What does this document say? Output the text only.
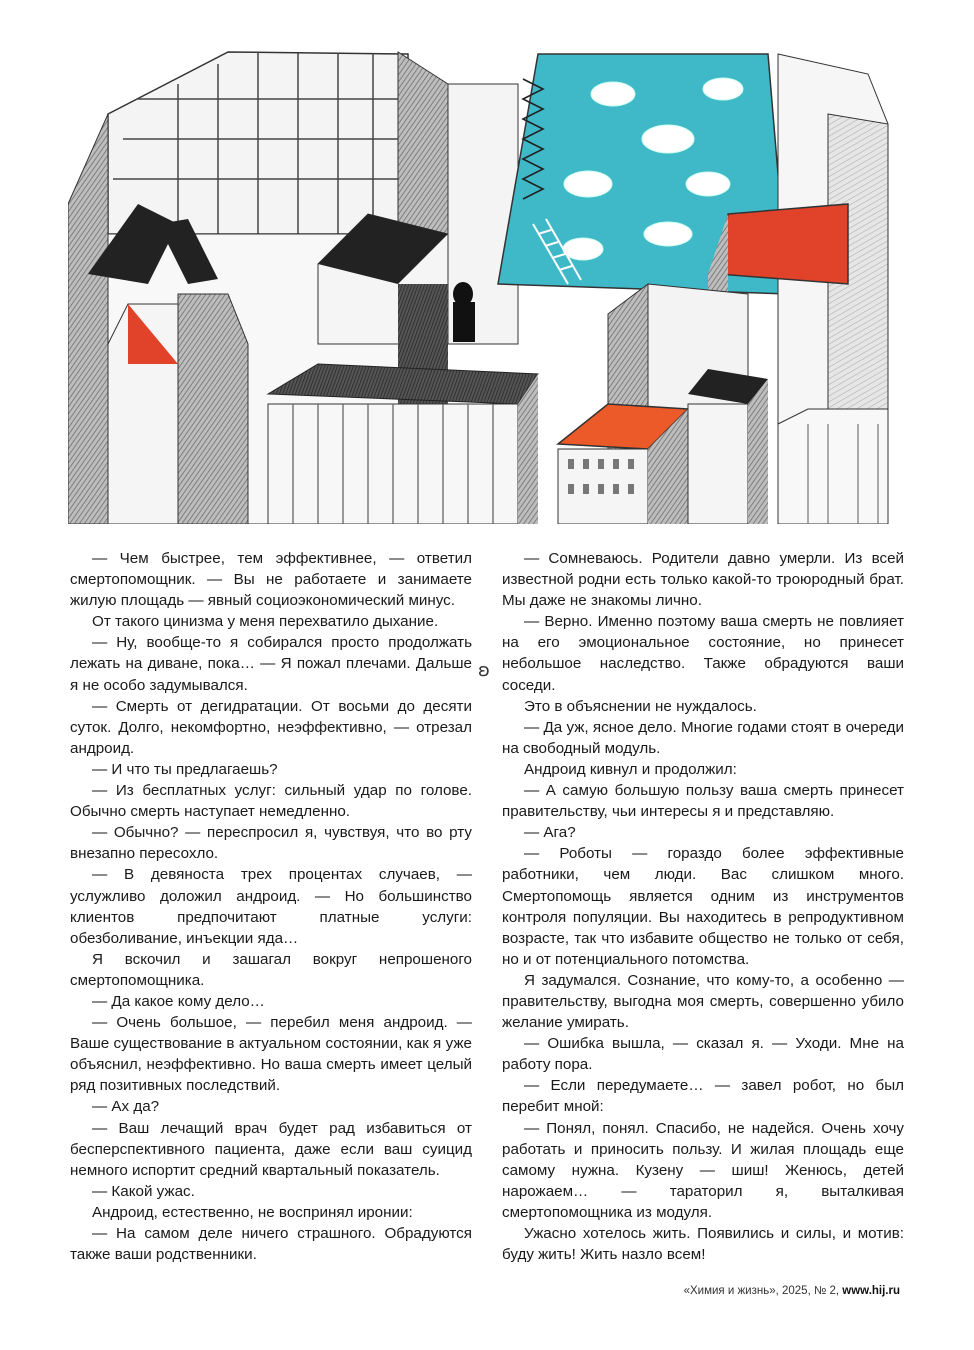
— Чем быстрее, тем эффективнее, — ответил смертопомощник. — Вы не работаете и занимаете жилую площадь — явный социоэкономический минус.

От такого цинизма у меня перехватило дыхание.

— Ну, вообще-то я собирался просто продолжать лежать на диване, пока… — Я пожал плечами. Дальше я не особо задумывался.

— Смерть от дегидратации. От восьми до десяти суток. Долго, некомфортно, неэффективно, — отрезал андроид.

— И что ты предлагаешь?

— Из бесплатных услуг: сильный удар по голове. Обычно смерть наступает немедленно.

— Обычно? — переспросил я, чувствуя, что во рту внезапно пересохло.

— В девяноста трех процентах случаев, — услужливо доложил андроид. — Но большинство клиентов предпочитают платные услуги: обезболивание, инъекции яда…

Я вскочил и зашагал вокруг непрошеного смертопомощника.

— Да какое кому дело…

— Очень большое, — перебил меня андроид. — Ваше существование в актуальном состоянии, как я уже объяснил, неэффективно. Но ваша смерть имеет целый ряд позитивных последствий.

— Ах да?

— Ваш лечащий врач будет рад избавиться от бесперспективного пациента, даже если ваш суицид немного испортит средний квартальный показатель.

— Какой ужас.

Андроид, естественно, не воспринял иронии:

— На самом деле ничего страшного. Обрадуются также ваши родственники.

ʚ

— Сомневаюсь. Родители давно умерли. Из всей известной родни есть только какой-то троюродный брат. Мы даже не знакомы лично.

— Верно. Именно поэтому ваша смерть не повлияет на его эмоциональное состояние, но принесет небольшое наследство. Также обрадуются ваши соседи.

Это в объяснении не нуждалось.

— Да уж, ясное дело. Многие годами стоят в очереди на свободный модуль.

Андроид кивнул и продолжил:

— А самую большую пользу ваша смерть принесет правительству, чьи интересы я и представляю.

— Ага?

— Роботы — гораздо более эффективные работники, чем люди. Вас слишком много. Смертопомощь является одним из инструментов контроля популяции. Вы находитесь в репродуктивном возрасте, так что избавите общество не только от себя, но и от потенциального потомства.

Я задумался. Сознание, что кому-то, а особенно — правительству, выгодна моя смерть, совершенно убило желание умирать.

— Ошибка вышла, — сказал я. — Уходи. Мне на работу пора.

— Если передумаете… — завел робот, но был перебит мной:

— Понял, понял. Спасибо, не надейся. Очень хочу работать и приносить пользу. И жилая площадь еще самому нужна. Кузену — шиш! Женюсь, детей нарожаем… — тараторил я, выталкивая смертопомощника из модуля.

Ужасно хотелось жить. Появились и силы, и мотив: буду жить! Жить назло всем!

«Химия и жизнь», 2025, № 2, www.hij.ru
